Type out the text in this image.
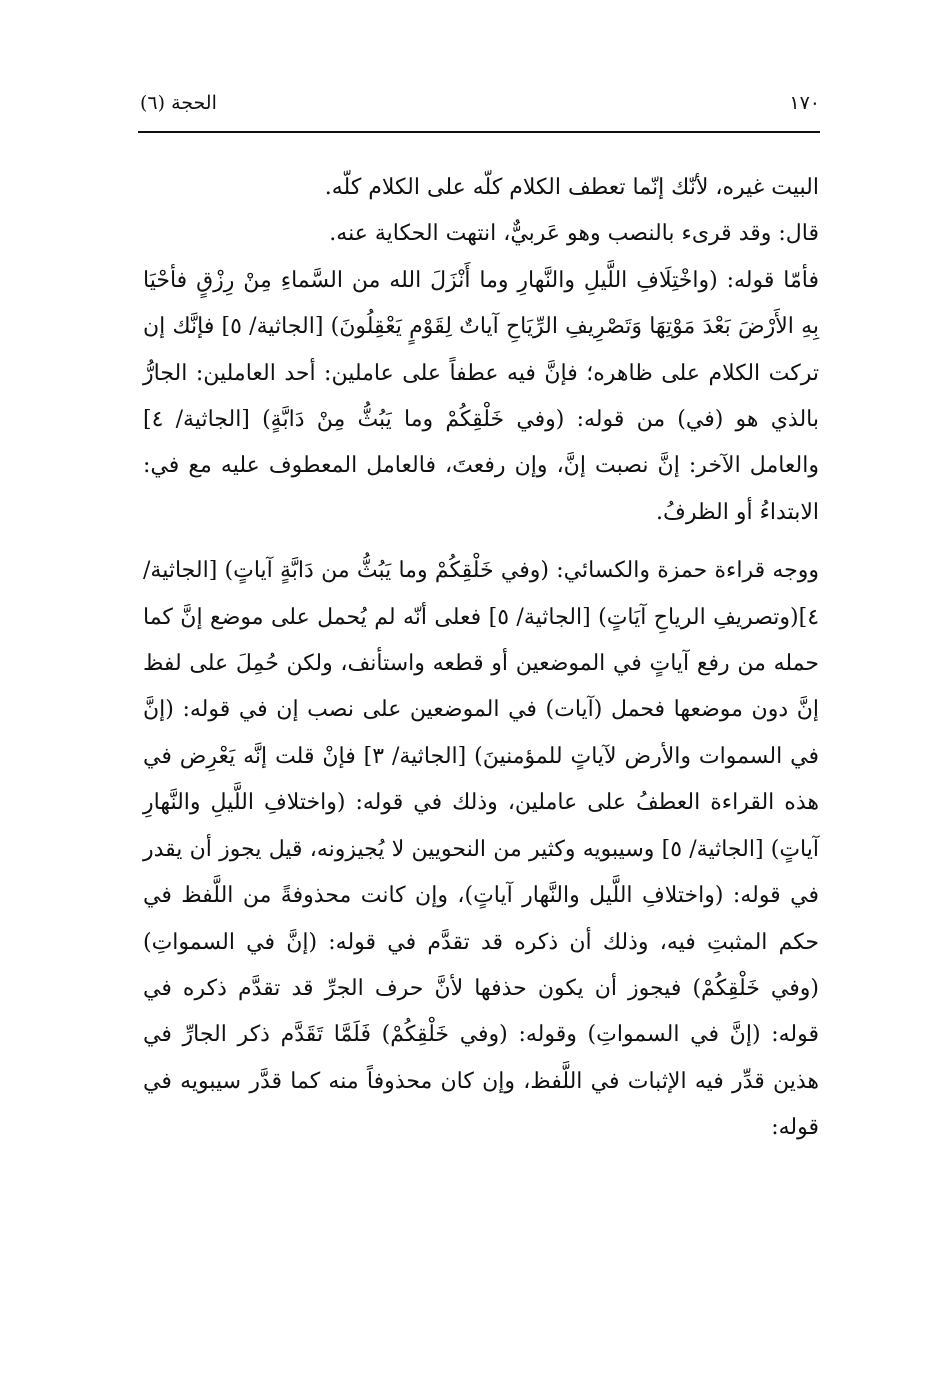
١٧٠
الحجة (٦)

البيت غيره، لأنّك إنّما تعطف الكلام كلّه على الكلام كلّه.

قال: وقد قرىء بالنصب وهو عَربيٌّ، انتهت الحكاية عنه.

فأمّا قوله: (واخْتِلَافِ اللَّيلِ والنَّهارِ وما أَنْزَلَ الله من السَّماءِ مِنْ رِزْقٍ فأحْيَا بِهِ الأَرْضَ بَعْدَ مَوْتِهَا وَتَصْرِيفِ الرِّيَاحِ آياتٌ لِقَوْمٍ يَعْقِلُونَ) [الجاثية/ ٥] فإنَّك إن تركت الكلام على ظاهره؛ فإنَّ فيه عطفاً على عاملين: أحد العاملين: الجارُّ بالذي هو (في) من قوله: (وفي خَلْقِكُمْ وما يَبُثُّ مِنْ دَابَّةٍ) [الجاثية/ ٤] والعامل الآخر: إنَّ نصبت إنَّ، وإن رفعتَ، فالعامل المعطوف عليه مع في: الابتداءُ أو الظرفُ.

ووجه قراءة حمزة والكسائي: (وفي خَلْقِكُمْ وما يَبُثُّ من دَابَّةٍ آياتٍ) [الجاثية/ ٤](وتصريفِ الرياحِ آيَاتٍ) [الجاثية/ ٥] فعلى أنّه لم يُحمل على موضع إنَّ كما حمله من رفع آياتٍ في الموضعين أو قطعه واستأنف، ولكن حُمِلَ على لفظ إنَّ دون موضعها فحمل (آيات) في الموضعين على نصب إن في قوله: (إنَّ في السموات والأرض لآياتٍ للمؤمنينَ) [الجاثية/ ٣] فإنْ قلت إنَّه يَعْرِض في هذه القراءة العطفُ على عاملين، وذلك في قوله: (واختلافِ اللَّيلِ والنَّهارِ آياتٍ) [الجاثية/ ٥] وسيبويه وكثير من النحويين لا يُجيزونه، قيل يجوز أن يقدر في قوله: (واختلافِ اللَّيل والنَّهار آياتٍ)، وإن كانت محذوفةً من اللَّفظ في حكم المثبتِ فيه، وذلك أن ذكره قد تقدَّم في قوله: (إنَّ في السمواتِ) (وفي خَلْقِكُمْ) فيجوز أن يكون حذفها لأنَّ حرف الجرِّ قد تقدَّم ذكره في قوله: (إنَّ في السمواتِ) وقوله: (وفي خَلْقِكُمْ) فَلَمَّا تَقَدَّم ذكر الجارِّ في هذين قدِّر فيه الإثبات في اللَّفظ، وإن كان محذوفاً منه كما قدَّر سيبويه في قوله:
